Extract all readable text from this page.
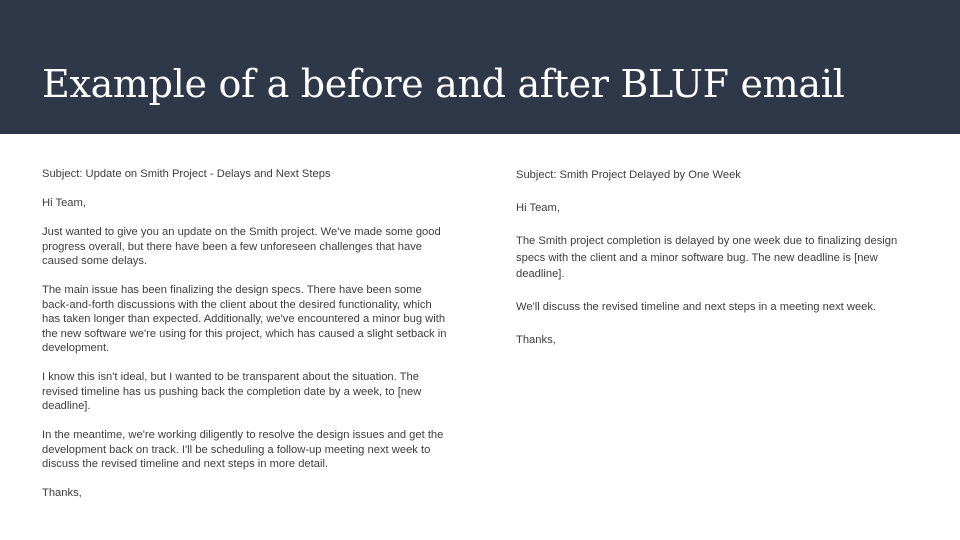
Example of a before and after BLUF email

Subject: Update on Smith Project - Delays and Next Steps

Hi Team,

Just wanted to give you an update on the Smith project. We've made some good progress overall, but there have been a few unforeseen challenges that have caused some delays.

The main issue has been finalizing the design specs. There have been some back-and-forth discussions with the client about the desired functionality, which has taken longer than expected. Additionally, we've encountered a minor bug with the new software we're using for this project, which has caused a slight setback in development.

I know this isn't ideal, but I wanted to be transparent about the situation. The revised timeline has us pushing back the completion date by a week, to [new deadline].

In the meantime, we're working diligently to resolve the design issues and get the development back on track. I'll be scheduling a follow-up meeting next week to discuss the revised timeline and next steps in more detail.

Thanks,

Subject: Smith Project Delayed by One Week

Hi Team,

The Smith project completion is delayed by one week due to finalizing design specs with the client and a minor software bug. The new deadline is [new deadline].

We'll discuss the revised timeline and next steps in a meeting next week.

Thanks,
